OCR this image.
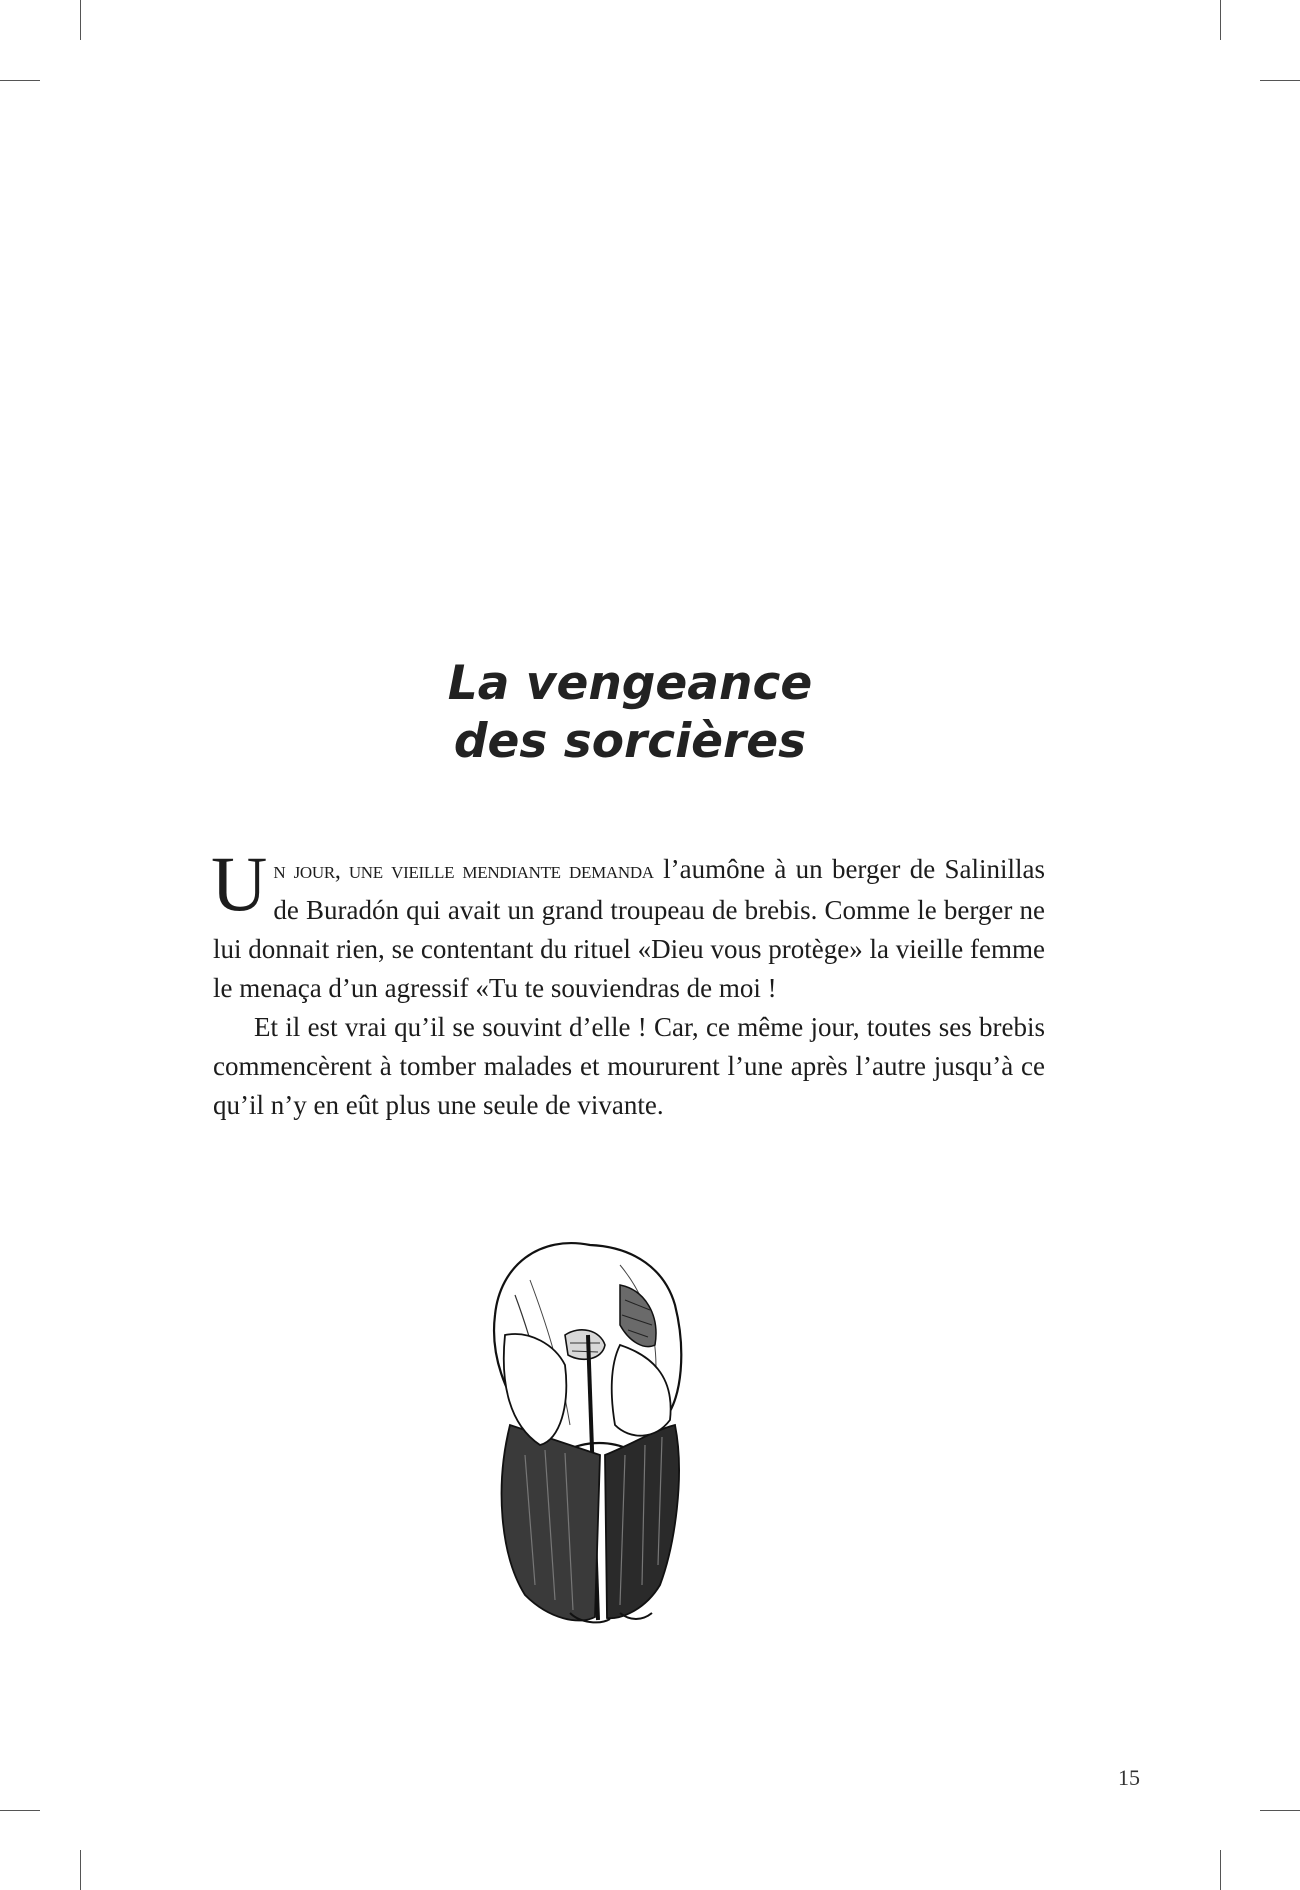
La vengeance
des sorcières

Un jour, une vieille mendiante demanda l’aumône à un berger de Salinillas de Buradón qui avait un grand troupeau de brebis. Comme le berger ne lui donnait rien, se contentant du rituel «Dieu vous protège» la vieille femme le menaça d’un agressif «Tu te souviendras de moi !

Et il est vrai qu’il se souvint d’elle ! Car, ce même jour, toutes ses brebis commencèrent à tomber malades et moururent l’une après l’autre jusqu’à ce qu’il n’y en eût plus une seule de vivante.

15
